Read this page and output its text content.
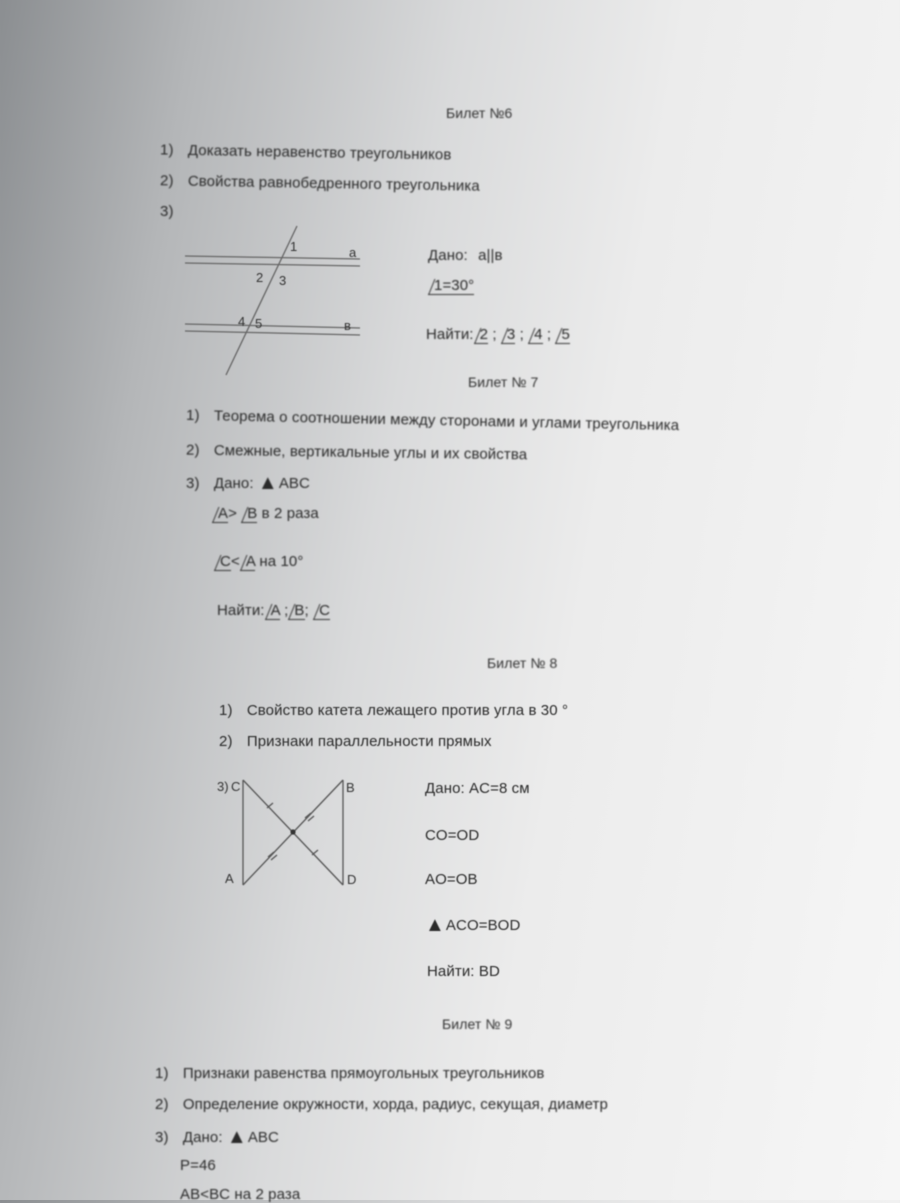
Билет №6
1) Доказать неравенство треугольников
2) Свойства равнобедренного треугольника
3)
а
в
1
2 3
4 5
Дано: а||в
1=30°
Найти: 2 ; 3 ; 4 ; 5
Билет № 7
1) Теорема о соотношении между сторонами и углами треугольника
2) Смежные, вертикальные углы и их свойства
3) Дано: ▲ABC
A> B в 2 раза
C< A на 10°
Найти: A ; B; C
Билет № 8
1) Свойство катета лежащего против угла в 30 °
2) Признаки параллельности прямых
3) C	B
A	D
Дано: AC=8 см
CO=OD
AO=OB
▲ACO=BOD
Найти: BD
Билет № 9
1) Признаки равенства прямоугольных треугольников
2) Определение окружности, хорда, радиус, секущая, диаметр
3) Дано: ▲ABC
P=46
AB<BC на 2 раза
